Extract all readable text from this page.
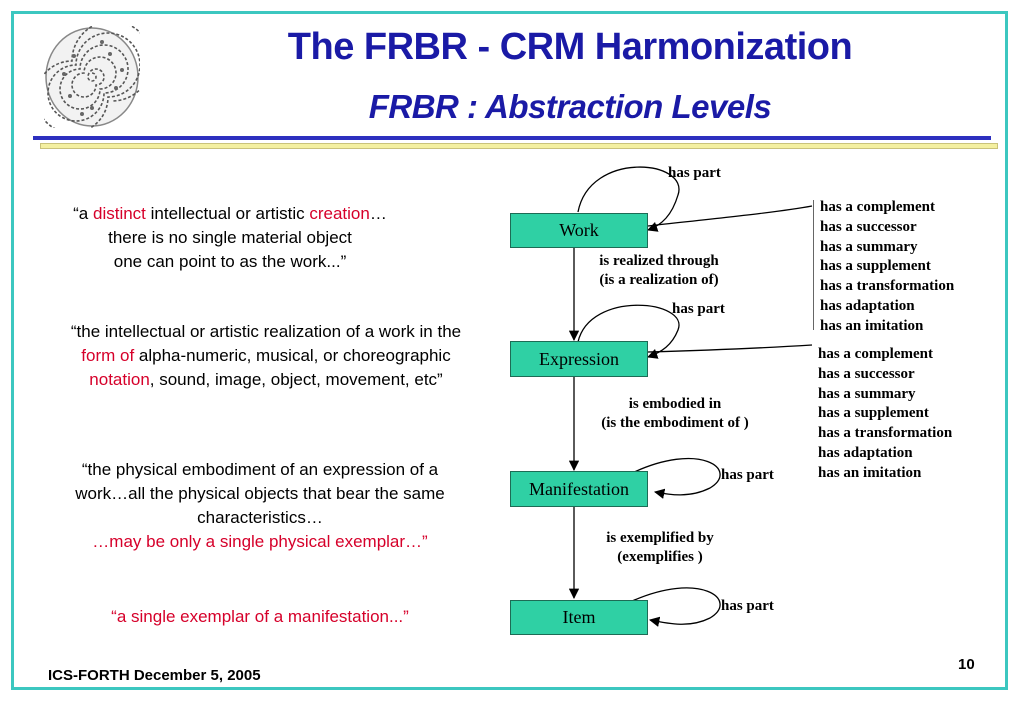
The FRBR - CRM Harmonization
FRBR : Abstraction Levels
“a distinct intellectual or artistic creation…
there is no single material object
one can point to as the work...”
“the intellectual or artistic realization of a work in the
form of alpha-numeric, musical, or choreographic
notation, sound, image, object, movement, etc”
“the physical embodiment of an expression of a
work…all the physical objects that bear the same
characteristics…
…may be only a single physical exemplar…”
“a single exemplar of a manifestation...”
Work
Expression
Manifestation
Item
has part
has part
has part
has part
is realized through
(is a realization of)
is embodied in
(is the embodiment of )
is exemplified by
(exemplifies )
has a complement
has a successor
has a summary
has a supplement
has a transformation
has adaptation
has an imitation
has a complement
has a successor
has a summary
has a supplement
has a transformation
has adaptation
has an imitation
ICS-FORTH December 5, 2005
10
